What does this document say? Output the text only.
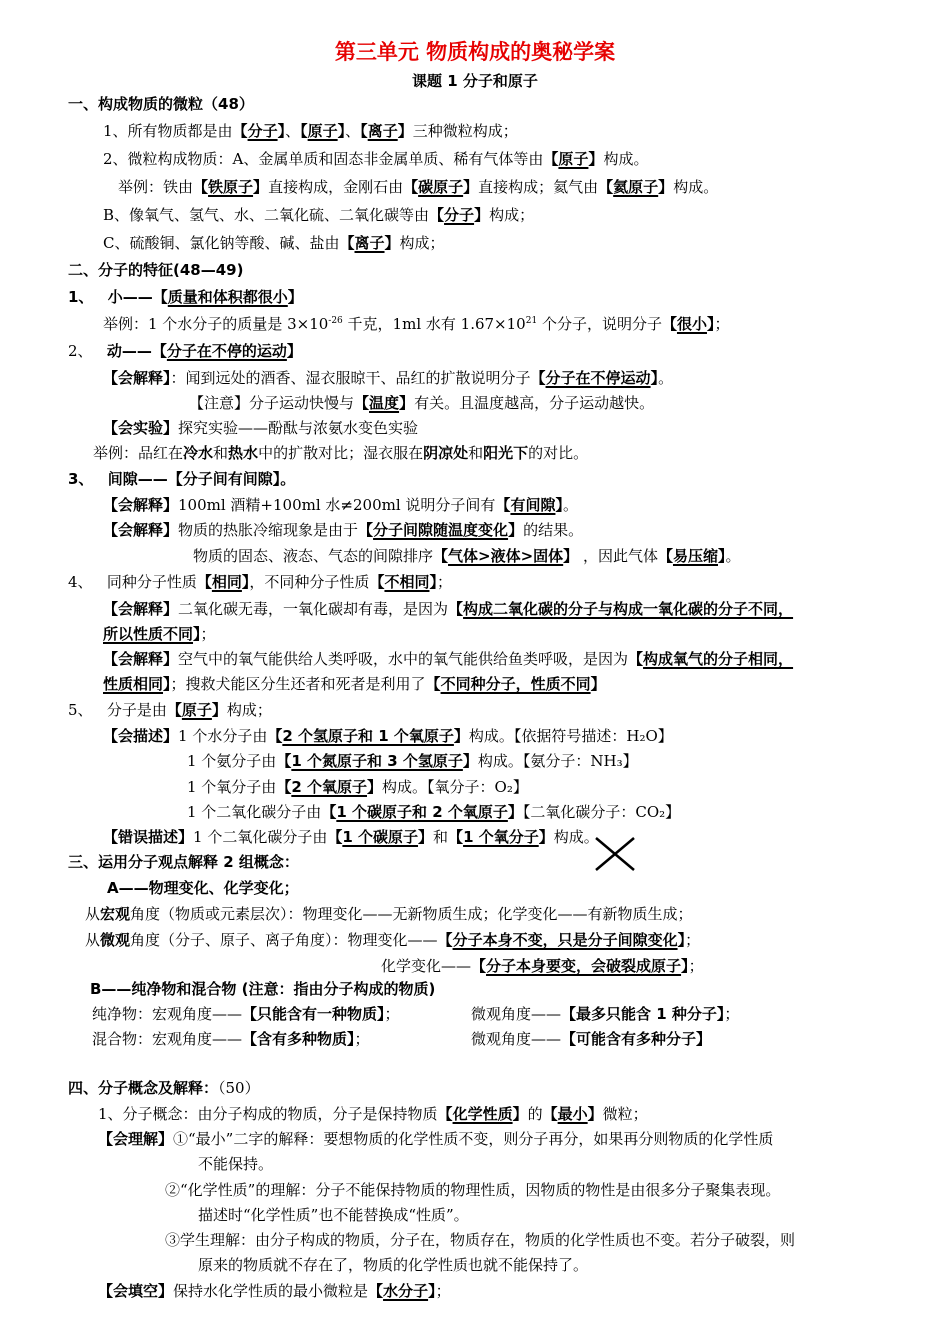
第三单元 物质构成的奥秘学案
课题 1 分子和原子
一、构成物质的微粒（48）
1、所有物质都是由【分子】、【原子】、【离子】三种微粒构成；
2、微粒构成物质：A、金属单质和固态非金属单质、稀有气体等由【原子】构成。
举例：铁由【铁原子】直接构成，金刚石由【碳原子】直接构成；氦气由【氦原子】构成。
B、像氧气、氢气、水、二氧化硫、二氧化碳等由【分子】构成；
C、硫酸铜、氯化钠等酸、碱、盐由【离子】构成；
二、分子的特征(48—49)
1、 小——【质量和体积都很小】
举例：1 个水分子的质量是 $3\times 10^{-26}$ 千克，1ml 水有 $1.67\times 10^{21}$ 个分子，说明分子【很小】；
2、 动——【分子在不停的运动】
【会解释】：闻到远处的酒香、湿衣服晾干、品红的扩散说明分子【分子在不停运动】。
【注意】分子运动快慢与【温度】有关。且温度越高，分子运动越快。
【会实验】探究实验——酚酞与浓氨水变色实验
举例：品红在冷水和热水中的扩散对比；湿衣服在阴凉处和阳光下的对比。
3、 间隙——【分子间有间隙】。
【会解释】100ml 酒精+100ml 水≠200ml 说明分子间有【有间隙】。
【会解释】物质的热胀冷缩现象是由于【分子间隙随温度变化】的结果。
物质的固态、液态、气态的间隙排序【气体>液体>固体】 ，因此气体【易压缩】。
4、 同种分子性质【相同】，不同种分子性质【不相同】；
【会解释】二氧化碳无毒，一氧化碳却有毒，是因为【构成二氧化碳的分子与构成一氧化碳的分子不同，
所以性质不同】；
【会解释】空气中的氧气能供给人类呼吸，水中的氧气能供给鱼类呼吸，是因为【构成氧气的分子相同，
性质相同】；搜救犬能区分生还者和死者是利用了【不同种分子，性质不同】
5、 分子是由【原子】构成；
【会描述】1 个水分子由【2 个氢原子和 1 个氧原子】构成。【依据符号描述：H₂O】
1 个氨分子由【1 个氮原子和 3 个氢原子】构成。【氨分子：NH₃】
1 个氧分子由【2 个氧原子】构成。【氧分子：O₂】
1 个二氧化碳分子由【1 个碳原子和 2 个氧原子】【二氧化碳分子：CO₂】
【错误描述】1 个二氧化碳分子由【1 个碳原子】和【1 个氧分子】构成。
三、运用分子观点解释 2 组概念：
A——物理变化、化学变化；
从宏观角度（物质或元素层次）：物理变化——无新物质生成；化学变化——有新物质生成；
从微观角度（分子、原子、离子角度）：物理变化——【分子本身不变，只是分子间隙变化】；
化学变化——【分子本身要变，会破裂成原子】；
B——纯净物和混合物 (注意：指由分子构成的物质)
纯净物：宏观角度——【只能含有一种物质】；	微观角度——【最多只能含 1 种分子】；
混合物：宏观角度——【含有多种物质】；	微观角度——【可能含有多种分子】
四、分子概念及解释：（50）
1、分子概念：由分子构成的物质，分子是保持物质【化学性质】的【最小】微粒；
【会理解】①“最小”二字的解释：要想物质的化学性质不变，则分子再分，如果再分则物质的化学性质
不能保持。
②“化学性质”的理解：分子不能保持物质的物理性质，因物质的物性是由很多分子聚集表现。
描述时“化学性质”也不能替换成“性质”。
③学生理解：由分子构成的物质，分子在，物质存在，物质的化学性质也不变。若分子破裂，则
原来的物质就不存在了，物质的化学性质也就不能保持了。
【会填空】保持水化学性质的最小微粒是【水分子】；
